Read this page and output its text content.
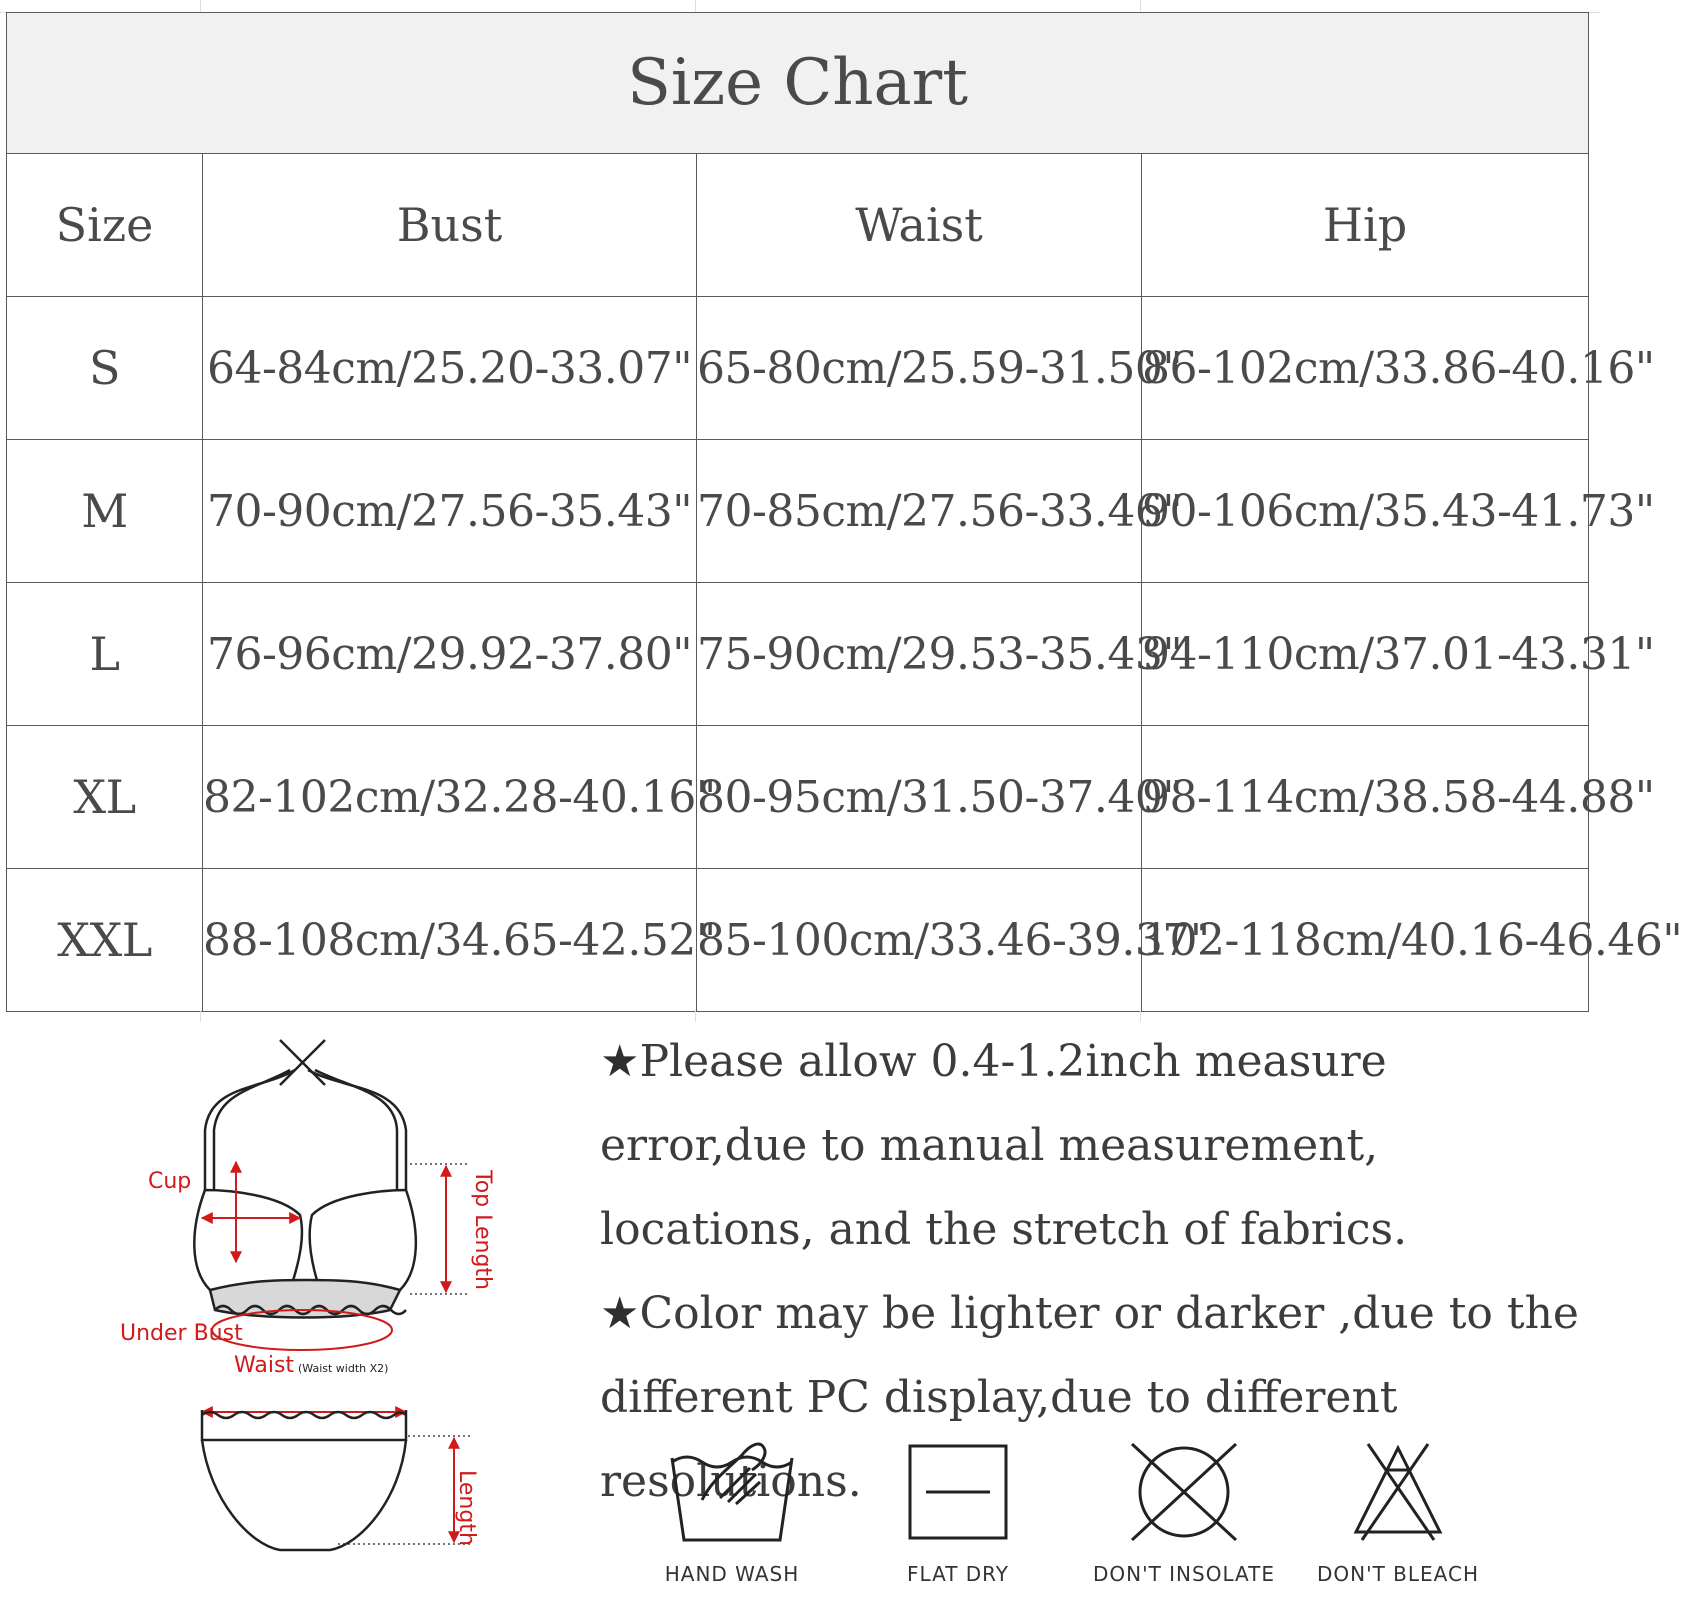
Size Chart			
Size	Bust	Waist	Hip
S	64-84cm/25.20-33.07"	65-80cm/25.59-31.50"	86-102cm/33.86-40.16"
M	70-90cm/27.56-35.43"	70-85cm/27.56-33.46"	90-106cm/35.43-41.73"
L	76-96cm/29.92-37.80"	75-90cm/29.53-35.43"	94-110cm/37.01-43.31"
XL	82-102cm/32.28-40.16"	80-95cm/31.50-37.40"	98-114cm/38.58-44.88"
XXL	88-108cm/34.65-42.52"	85-100cm/33.46-39.37"	102-118cm/40.16-46.46"
Cup	Top Length
Under Bust
Waist (Waist width X2)
Length

★Please allow 0.4-1.2inch measure error,due to manual measurement, locations, and the stretch of fabrics.

★Color may be lighter or darker ,due to the different PC display,due to different resolutions.

HAND WASH	FLAT DRY	DON'T INSOLATE	DON'T BLEACH
